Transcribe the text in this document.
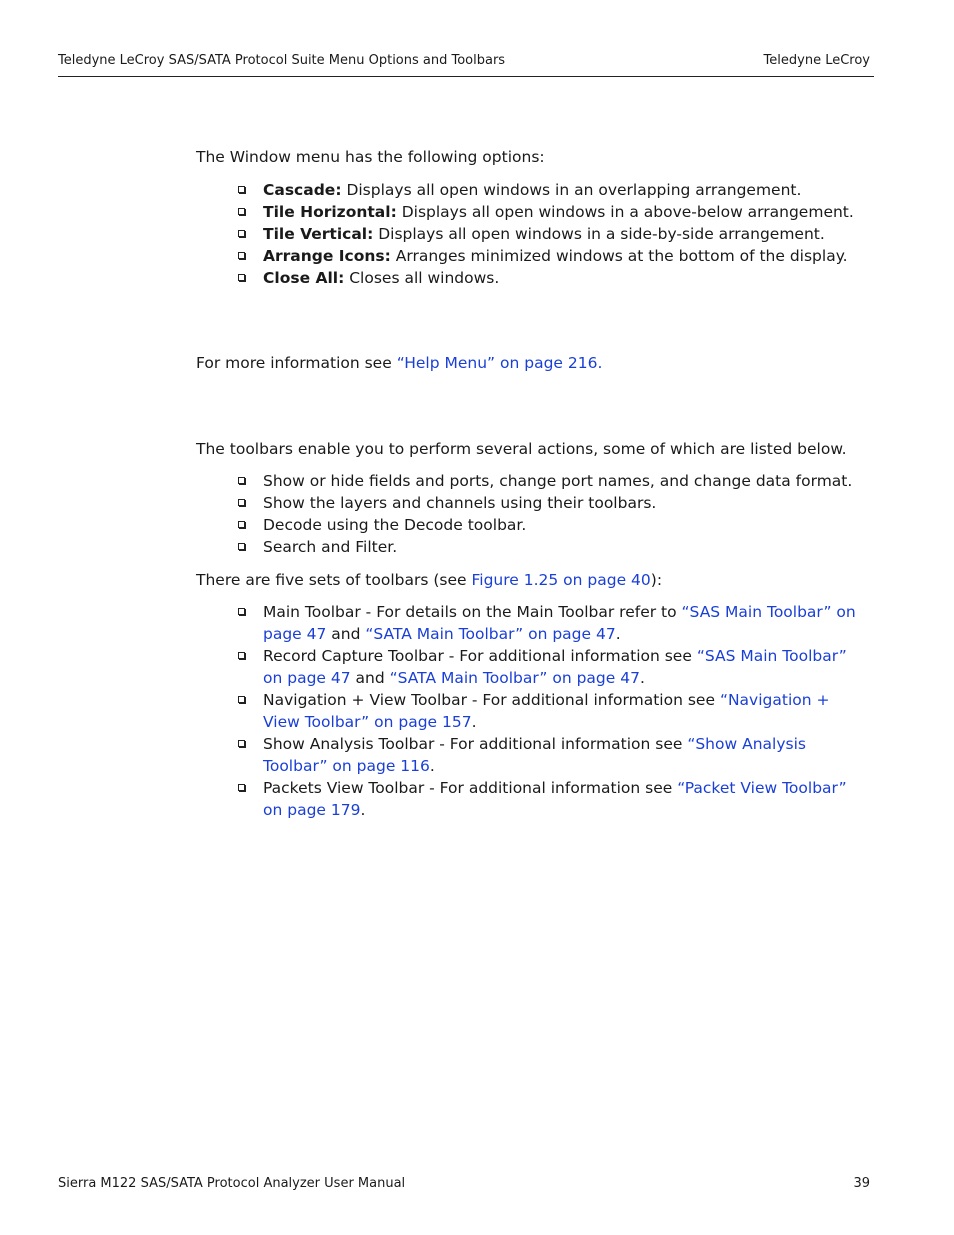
Teledyne LeCroy SAS/SATA Protocol Suite Menu Options and Toolbars	Teledyne LeCroy
The Window menu has the following options:
Cascade: Displays all open windows in an overlapping arrangement.
Tile Horizontal: Displays all open windows in a above-below arrangement.
Tile Vertical: Displays all open windows in a side-by-side arrangement.
Arrange Icons: Arranges minimized windows at the bottom of the display.
Close All: Closes all windows.
For more information see “Help Menu” on page 216.
The toolbars enable you to perform several actions, some of which are listed below.
Show or hide fields and ports, change port names, and change data format.
Show the layers and channels using their toolbars.
Decode using the Decode toolbar.
Search and Filter.
There are five sets of toolbars (see Figure 1.25 on page 40):
Main Toolbar - For details on the Main Toolbar refer to “SAS Main Toolbar” on page 47 and “SATA Main Toolbar” on page 47.
Record Capture Toolbar - For additional information see “SAS Main Toolbar” on page 47 and “SATA Main Toolbar” on page 47.
Navigation + View Toolbar - For additional information see “Navigation + View Toolbar” on page 157.
Show Analysis Toolbar - For additional information see “Show Analysis Toolbar” on page 116.
Packets View Toolbar - For additional information see “Packet View Toolbar” on page 179.
Sierra M122 SAS/SATA Protocol Analyzer User Manual	39
